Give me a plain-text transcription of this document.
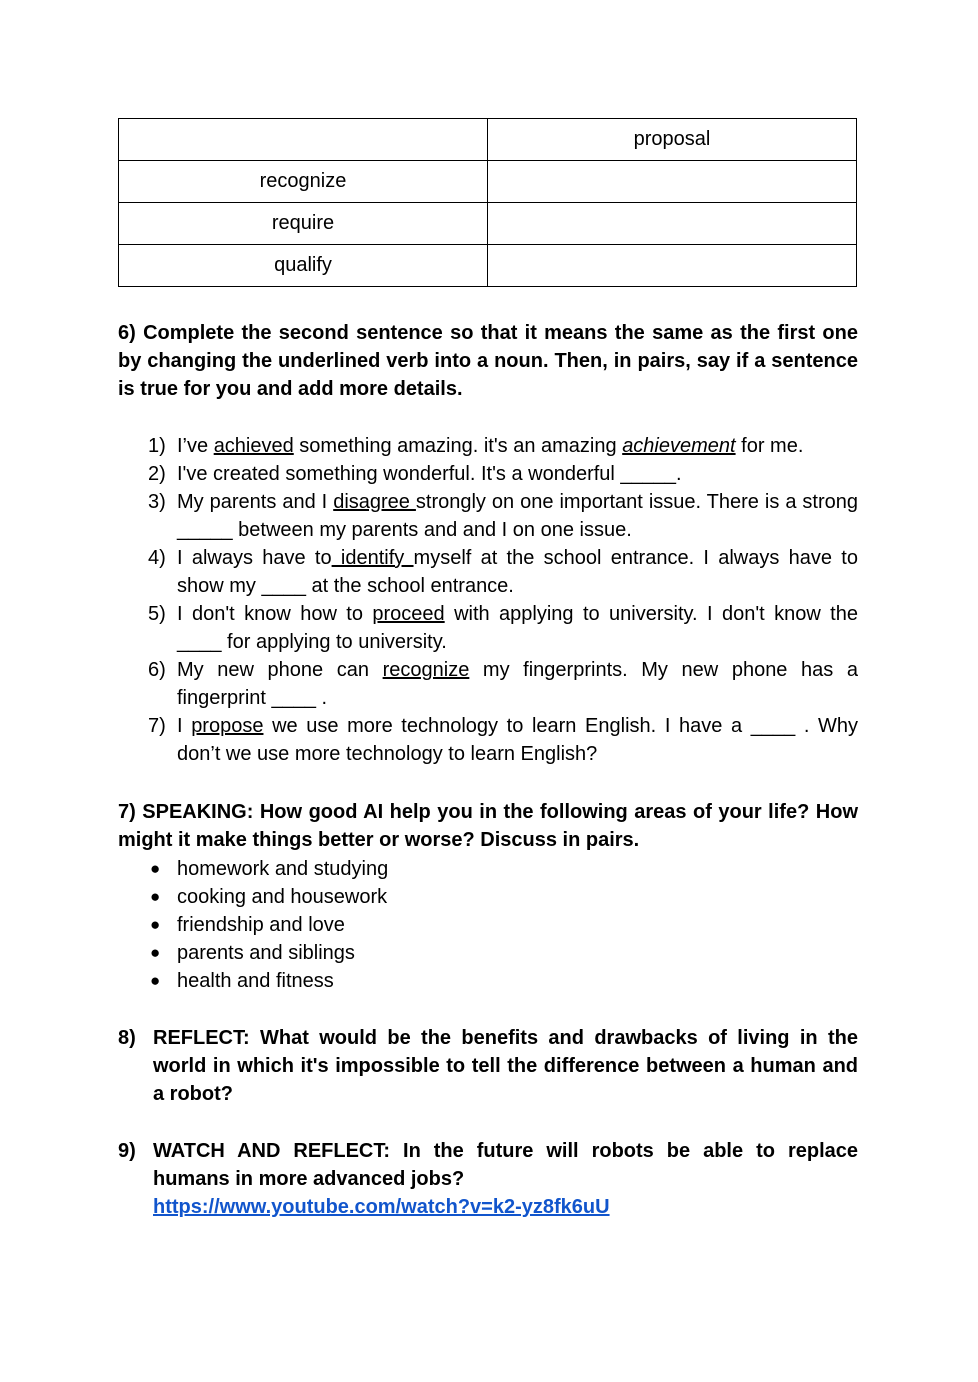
	proposal
recognize	
require	
qualify	
6) Complete the second sentence so that it means the same as the first one by changing the underlined verb into a noun. Then, in pairs, say if a sentence is true for you and add more details.
1) I’ve achieved something amazing. it's an amazing achievement for me.
2) I've created something wonderful. It's a wonderful _____.
3) My parents and I disagree strongly on one important issue. There is a strong _____ between my parents and and I on one issue.
4) I always have to identify myself at the school entrance. I always have to show my ____ at the school entrance.
5) I don't know how to proceed with applying to university. I don't know the ____ for applying to university.
6) My new phone can recognize my fingerprints. My new phone has a fingerprint ____ .
7) I propose we use more technology to learn English. I have a ____ . Why don’t we use more technology to learn English?
7) SPEAKING: How good AI help you in the following areas of your life? How might it make things better or worse? Discuss in pairs.
● homework and studying
● cooking and housework
● friendship and love
● parents and siblings
● health and fitness
8) REFLECT: What would be the benefits and drawbacks of living in the world in which it's impossible to tell the difference between a human and a robot?
9) WATCH AND REFLECT: In the future will robots be able to replace humans in more advanced jobs?
https://www.youtube.com/watch?v=k2-yz8fk6uU
